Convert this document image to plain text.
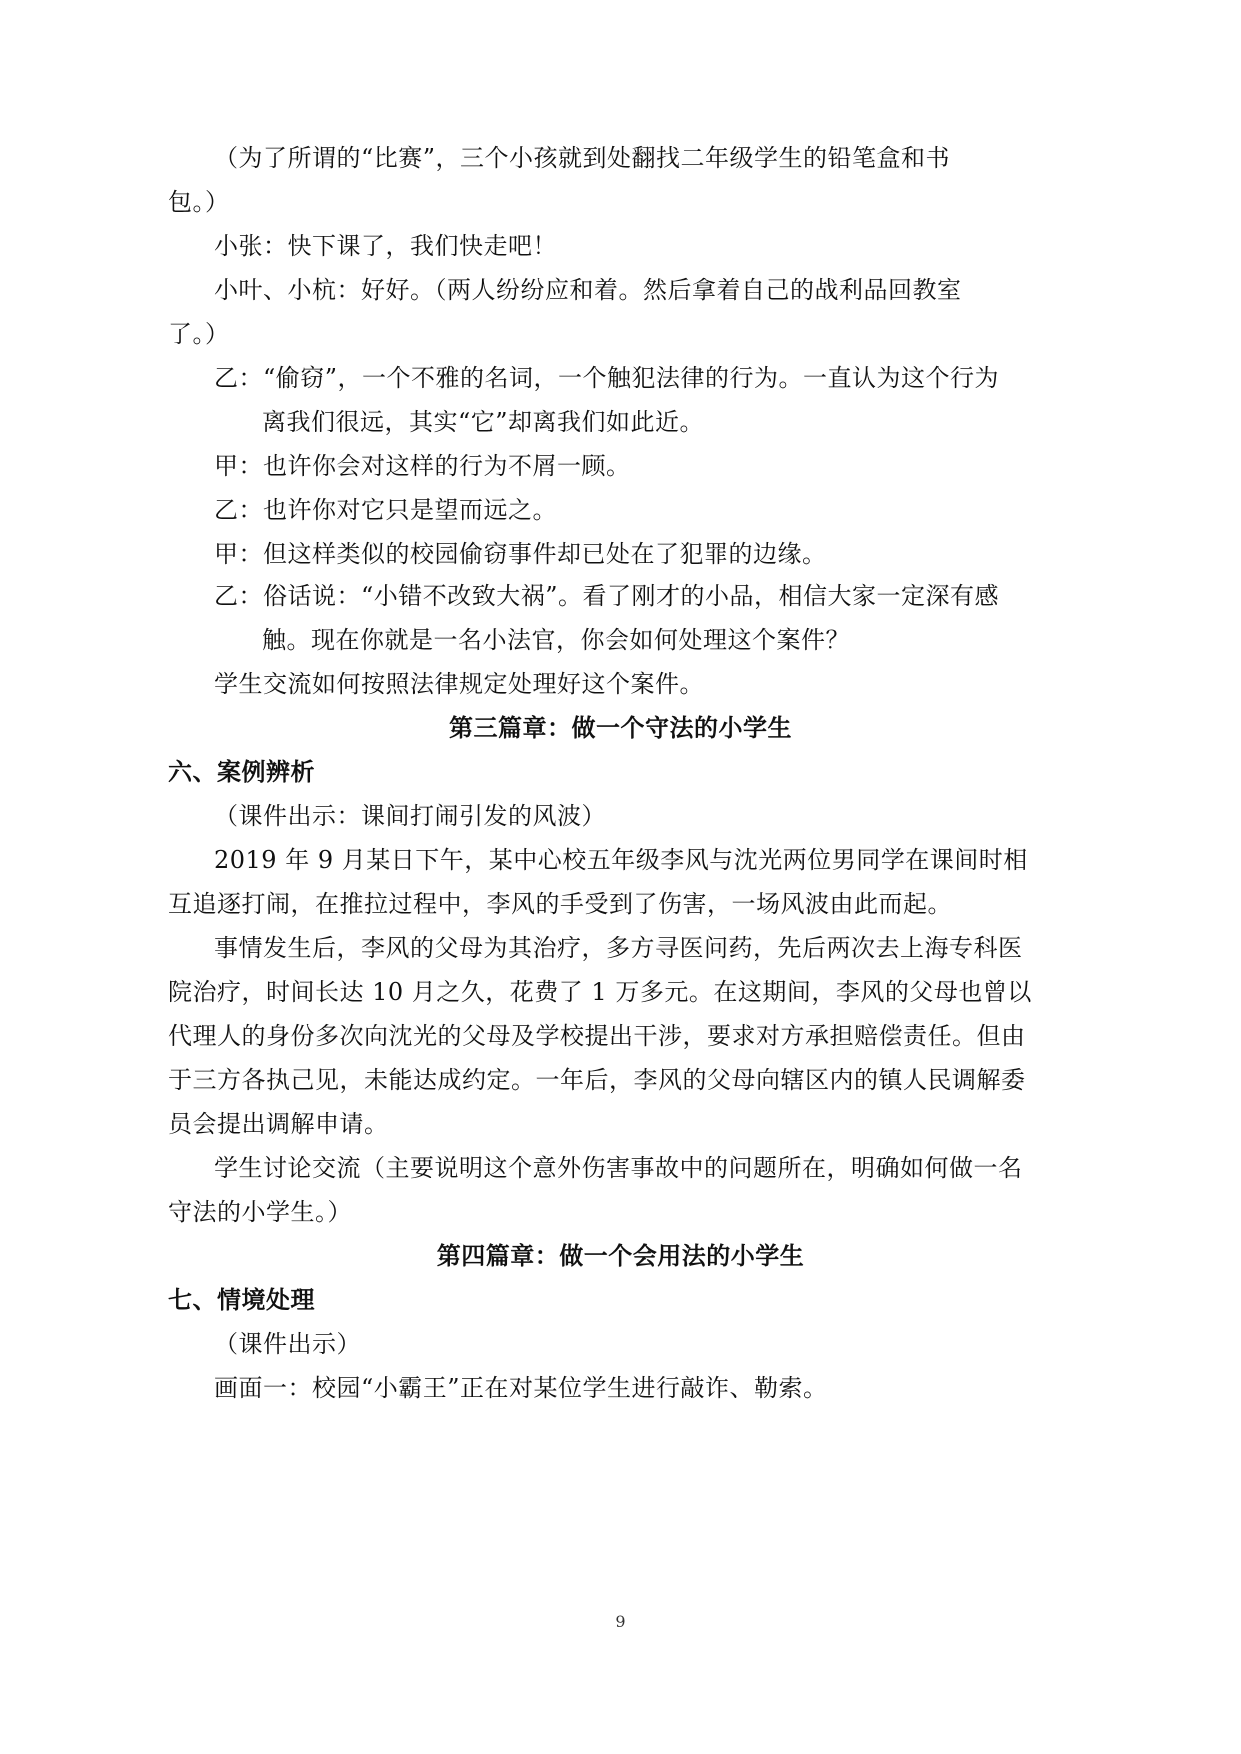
（为了所谓的“比赛”，三个小孩就到处翻找二年级学生的铅笔盒和书
包。）
小张：快下课了，我们快走吧！
小叶、小杭：好好。（两人纷纷应和着。然后拿着自己的战利品回教室
了。）
乙：“偷窃”，一个不雅的名词，一个触犯法律的行为。一直认为这个行为
离我们很远，其实“它”却离我们如此近。
甲：也许你会对这样的行为不屑一顾。
乙：也许你对它只是望而远之。
甲：但这样类似的校园偷窃事件却已处在了犯罪的边缘。
乙：俗话说：“小错不改致大祸”。看了刚才的小品，相信大家一定深有感
触。现在你就是一名小法官，你会如何处理这个案件？
学生交流如何按照法律规定处理好这个案件。
第三篇章：做一个守法的小学生
六、案例辨析
（课件出示：课间打闹引发的风波）
2019 年 9 月某日下午，某中心校五年级李风与沈光两位男同学在课间时相
互追逐打闹，在推拉过程中，李风的手受到了伤害，一场风波由此而起。
事情发生后，李风的父母为其治疗，多方寻医问药，先后两次去上海专科医
院治疗，时间长达 10 月之久，花费了 1 万多元。在这期间，李风的父母也曾以
代理人的身份多次向沈光的父母及学校提出干涉，要求对方承担赔偿责任。但由
于三方各执己见，未能达成约定。一年后，李风的父母向辖区内的镇人民调解委
员会提出调解申请。
学生讨论交流（主要说明这个意外伤害事故中的问题所在，明确如何做一名
守法的小学生。）
第四篇章：做一个会用法的小学生
七、情境处理
（课件出示）
画面一：校园“小霸王”正在对某位学生进行敲诈、勒索。
9
